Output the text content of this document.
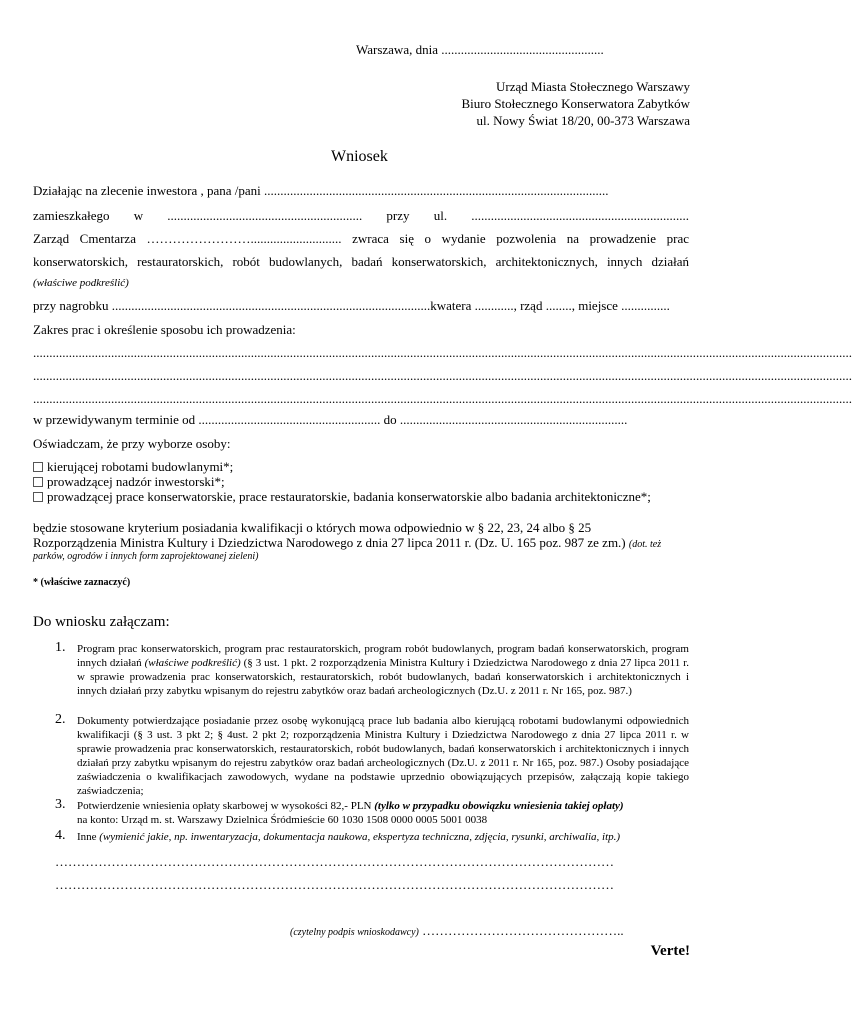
Warszawa, dnia ..................................................
Urząd Miasta Stołecznego Warszawy
Biuro Stołecznego Konserwatora Zabytków
ul. Nowy Świat 18/20, 00-373 Warszawa
Wniosek
Działając na zlecenie inwestora , pana /pani ..........................................................................................................
zamieszkałego w ............................................................ przy ul. ...................................................................
Zarząd Cmentarza ……………………............................ zwraca się o wydanie pozwolenia na prowadzenie prac
konserwatorskich, restauratorskich, robót budowlanych, badań konserwatorskich, architektonicznych, innych działań
(właściwe podkreślić)
przy nagrobku ..................................................................................................kwatera ............, rząd ........, miejsce ...............
Zakres prac i określenie sposobu ich prowadzenia:
............................................................................................................................................................................................................................................................
............................................................................................................................................................................................................................................................
............................................................................................................................................................................................................................................................
w przewidywanym terminie od ........................................................ do ......................................................................
Oświadczam, że przy wyborze osoby:
kierującej robotami budowlanymi*;
prowadzącej nadzór inwestorski*;
prowadzącej prace konserwatorskie, prace restauratorskie, badania konserwatorskie albo badania architektoniczne*;
będzie stosowane kryterium posiadania kwalifikacji o których mowa odpowiednio w § 22, 23, 24 albo § 25
Rozporządzenia Ministra Kultury i Dziedzictwa Narodowego z dnia 27 lipca 2011 r. (Dz. U. 165 poz. 987 ze zm.) (dot. też
parków, ogrodów i innych form zaprojektowanej zieleni)
* (właściwe zaznaczyć)
Do wniosku załączam:
1. Program prac konserwatorskich, program prac restauratorskich, program robót budowlanych, program badań konserwatorskich, program innych działań (właściwe podkreślić) (§ 3 ust. 1 pkt. 2 rozporządzenia Ministra Kultury i Dziedzictwa Narodowego z dnia 27 lipca 2011 r. w sprawie prowadzenia prac konserwatorskich, restauratorskich, robót budowlanych, badań konserwatorskich i architektonicznych i innych działań przy zabytku wpisanym do rejestru zabytków oraz badań archeologicznych (Dz.U. z 2011 r. Nr 165, poz. 987.)
2. Dokumenty potwierdzające posiadanie przez osobę wykonującą prace lub badania albo kierującą robotami budowlanymi odpowiednich kwalifikacji (§ 3 ust. 3 pkt 2; § 4ust. 2 pkt 2; rozporządzenia Ministra Kultury i Dziedzictwa Narodowego z dnia 27 lipca 2011 r. w sprawie prowadzenia prac konserwatorskich, restauratorskich, robót budowlanych, badań konserwatorskich i architektonicznych i innych działań przy zabytku wpisanym do rejestru zabytków oraz badań archeologicznych (Dz.U. z 2011 r. Nr 165, poz. 987.) Osoby posiadające zaświadczenia o kwalifikacjach zawodowych, wydane na podstawie uprzednio obowiązujących przepisów, załączają kopie takiego zaświadczenia;
3. Potwierdzenie wniesienia opłaty skarbowej w wysokości 82,- PLN (tylko w przypadku obowiązku wniesienia takiej opłaty)
na konto: Urząd m. st. Warszawy Dzielnica Śródmieście 60 1030 1508 0000 0005 5001 0038
4. Inne (wymienić jakie, np. inwentaryzacja, dokumentacja naukowa, ekspertyza techniczna, zdjęcia, rysunki, archiwalia, itp.)
…………………………………………………………………………………………………………………
…………………………………………………………………………………………………………………
(czytelny podpis wnioskodawcy) ………………………………………..
Verte!
